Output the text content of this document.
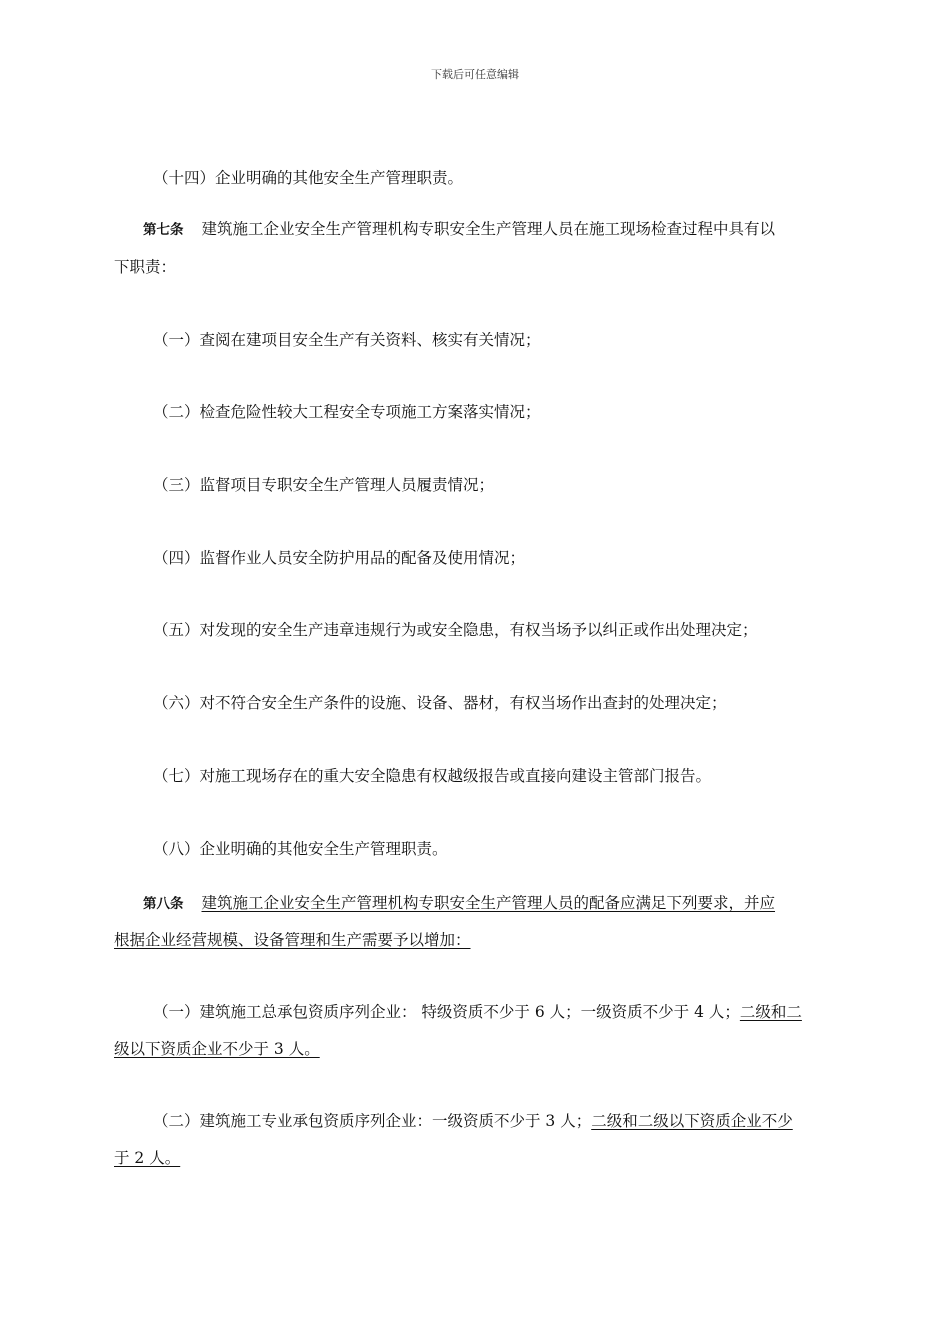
下载后可任意编辑
（十四）企业明确的其他安全生产管理职责。
第七条 建筑施工企业安全生产管理机构专职安全生产管理人员在施工现场检查过程中具有以
下职责：
（一）查阅在建项目安全生产有关资料、核实有关情况；
（二）检查危险性较大工程安全专项施工方案落实情况；
（三）监督项目专职安全生产管理人员履责情况；
（四）监督作业人员安全防护用品的配备及使用情况；
（五）对发现的安全生产违章违规行为或安全隐患，有权当场予以纠正或作出处理决定；
（六）对不符合安全生产条件的设施、设备、器材，有权当场作出查封的处理决定；
（七）对施工现场存在的重大安全隐患有权越级报告或直接向建设主管部门报告。
（八）企业明确的其他安全生产管理职责。
第八条 建筑施工企业安全生产管理机构专职安全生产管理人员的配备应满足下列要求，并应
根据企业经营规模、设备管理和生产需要予以增加：
（一）建筑施工总承包资质序列企业： 特级资质不少于 6 人；一级资质不少于 4 人；二级和二
级以下资质企业不少于 3 人。
（二）建筑施工专业承包资质序列企业：一级资质不少于 3 人；二级和二级以下资质企业不少
于 2 人。
